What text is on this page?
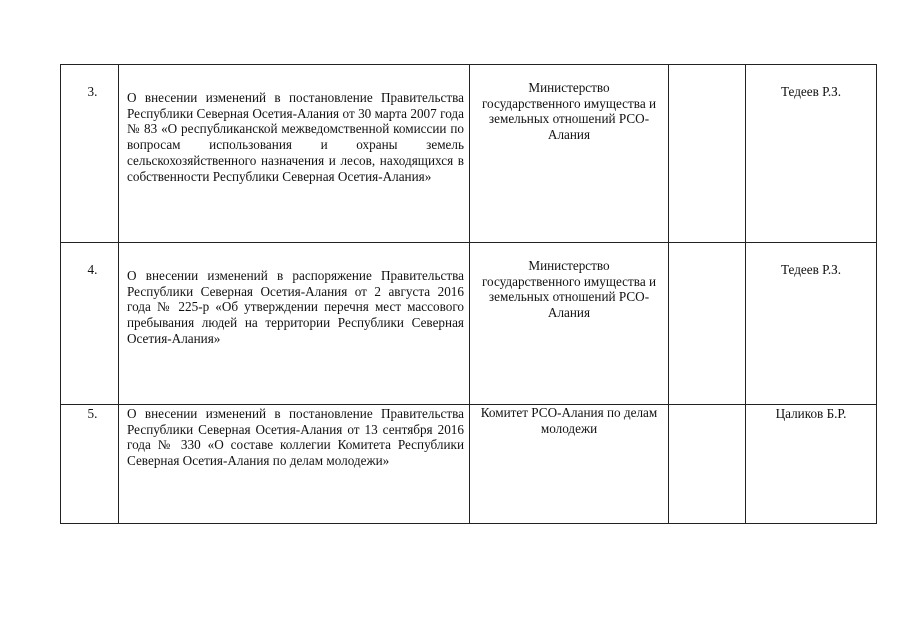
3.	О внесении изменений в постановление Правительства Республики Северная Осетия-Алания от 30 марта 2007 года № 83 «О республиканской межведомственной комиссии по вопросам использования и охраны земель сельскохозяйственного назначения и лесов, находящихся в собственности Республики Северная Осетия-Алания»	Министерство государственного имущества и земельных отношений РСО-Алания		Тедеев Р.З.

4.	О внесении изменений в распоряжение Правительства Республики Северная Осетия-Алания от 2 августа 2016 года № 225-р «Об утверждении перечня мест массового пребывания людей на территории Республики Северная Осетия-Алания»	Министерство государственного имущества и земельных отношений РСО-Алания		Тедеев Р.З.

5.	О внесении изменений в постановление Правительства Республики Северная Осетия-Алания от 13 сентября 2016 года № 330 «О составе коллегии Комитета Республики Северная Осетия-Алания по делам молодежи»	Комитет РСО-Алания по делам молодежи		Цаликов Б.Р.
